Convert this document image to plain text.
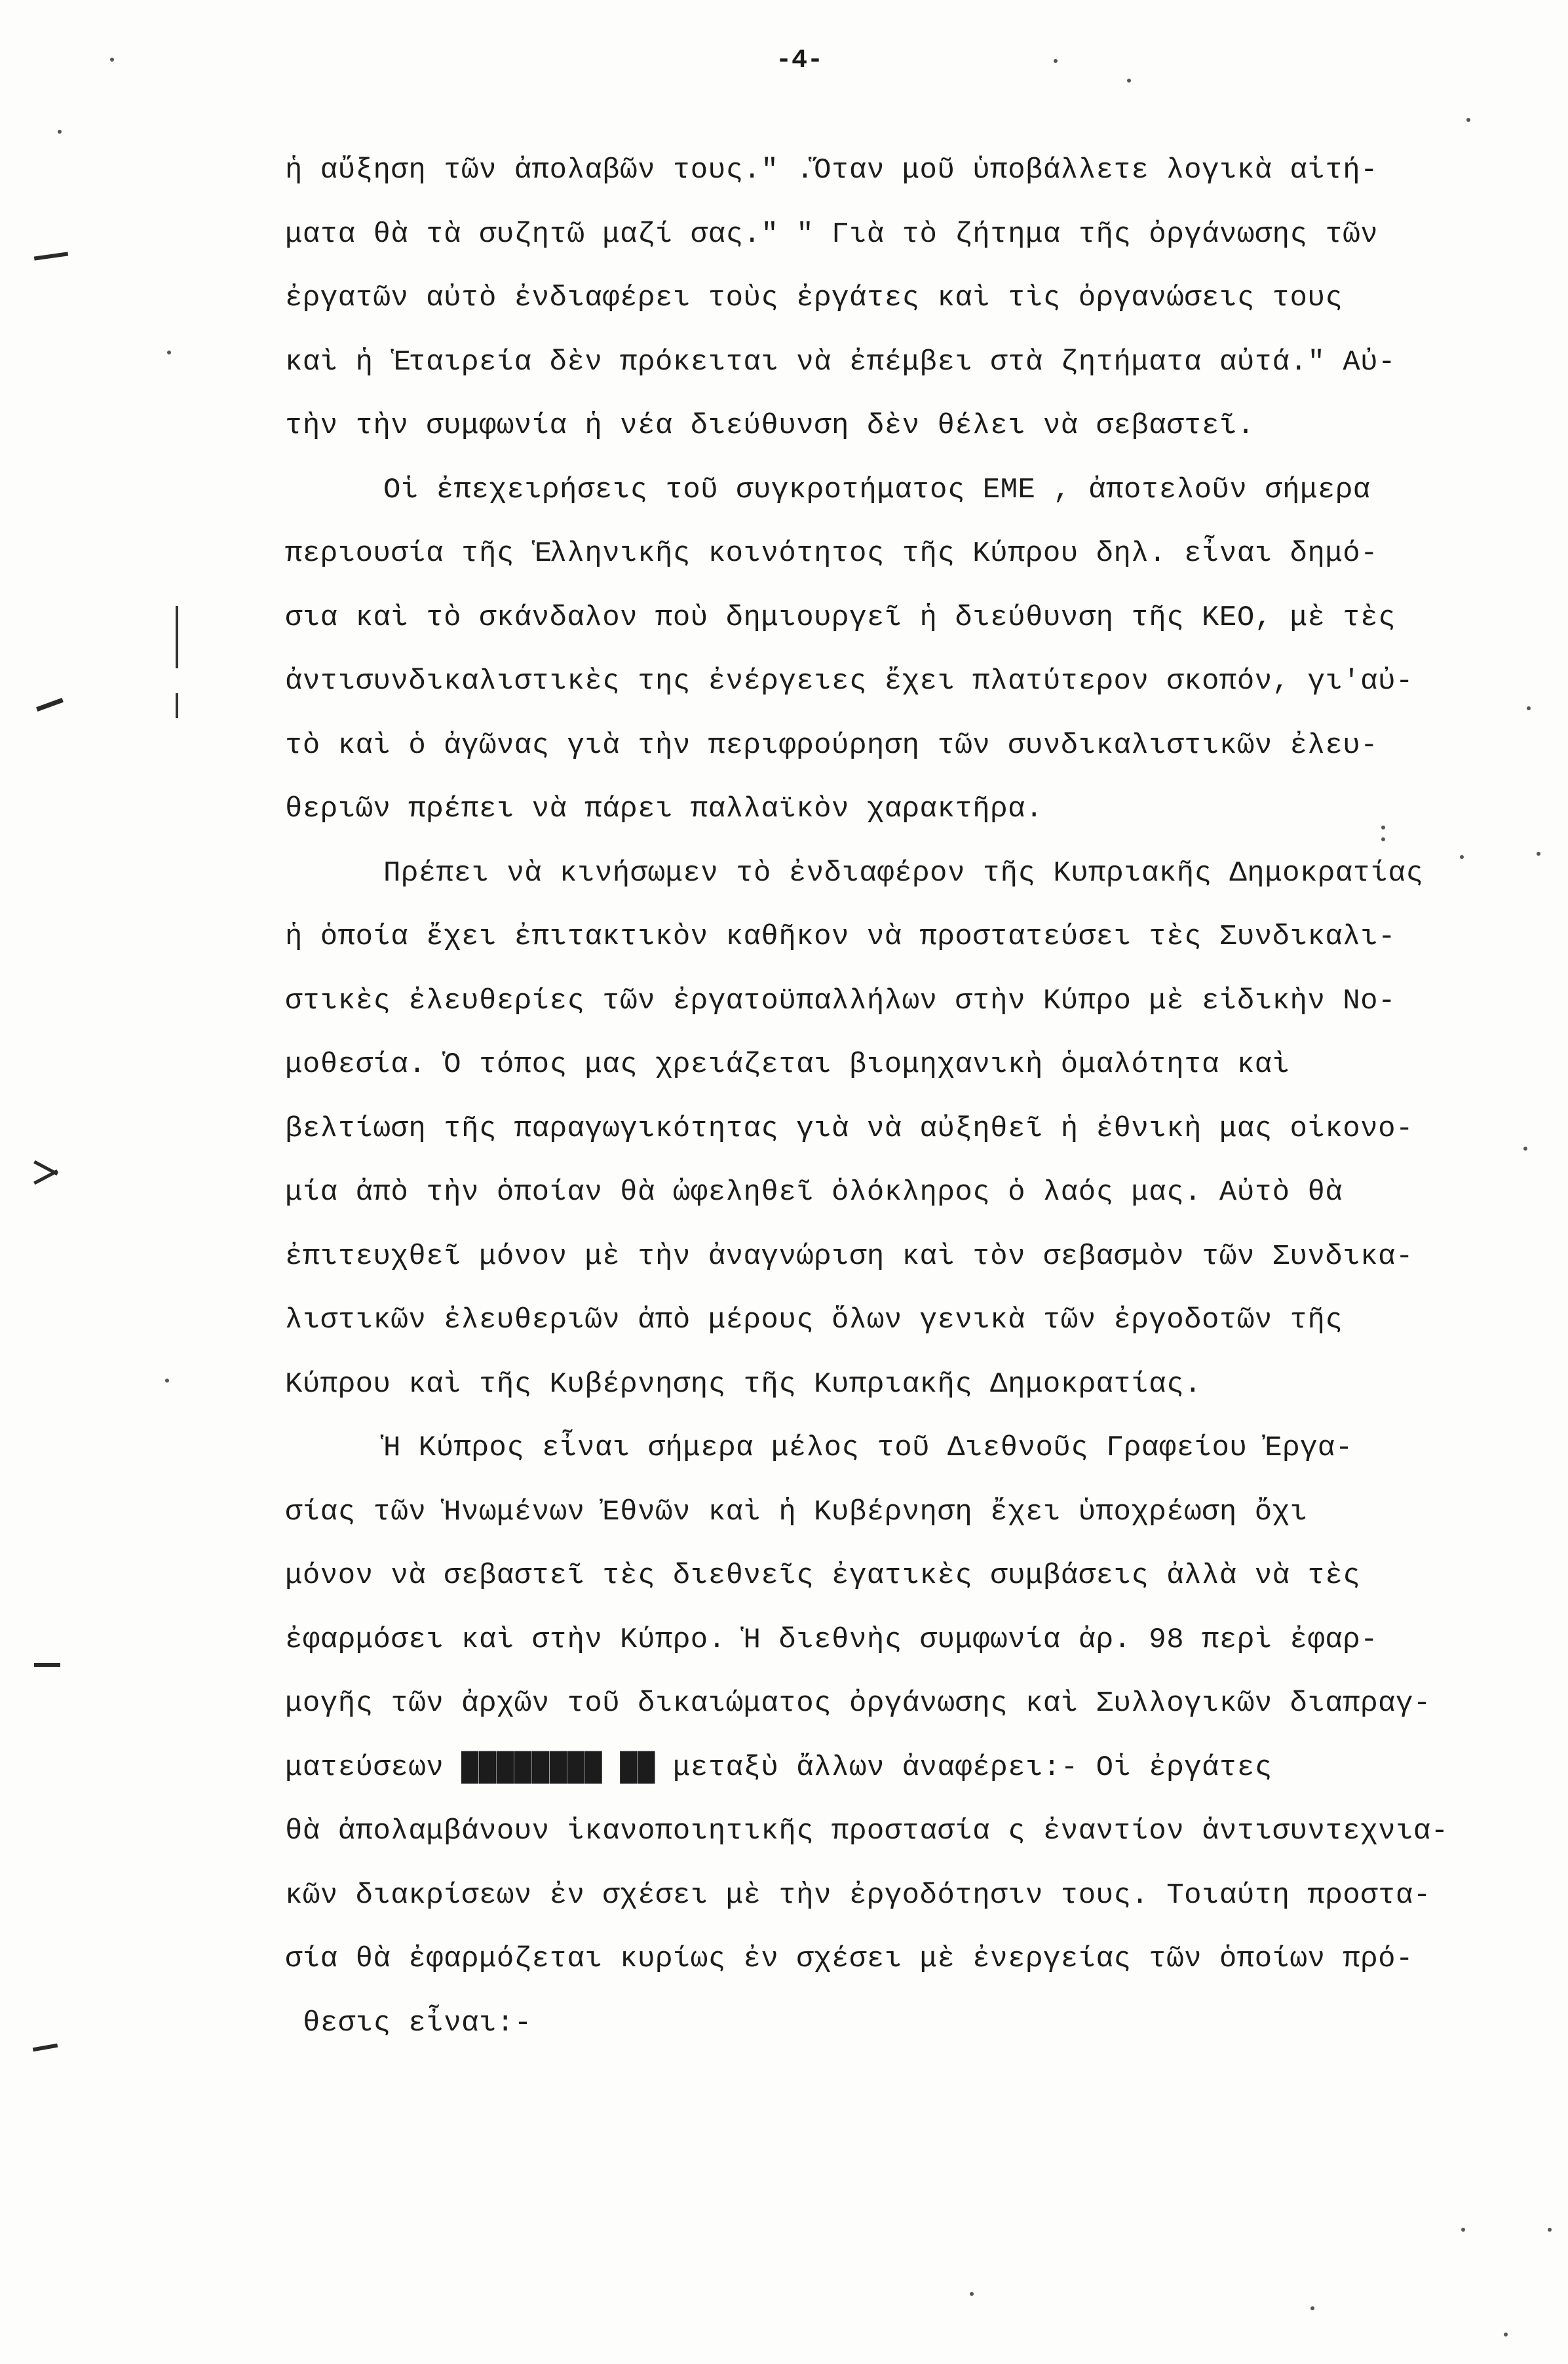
-4-
ἡ αὔξηση τῶν ἀπολαβῶν τους." .Ὅταν μοῦ ὑποβάλλετε λογικὰ αἰτή-
ματα θὰ τὰ συζητῶ μαζί σας." " Γιὰ τὸ ζήτημα τῆς ὀργάνωσης τῶν
ἐργατῶν αὐτὸ ἐνδιαφέρει τοὺς ἐργάτες καὶ τὶς ὀργανώσεις τους
καὶ ἡ Ἑταιρεία δὲν πρόκειται νὰ ἐπέμβει στὰ ζητήματα αὐτά." Αὐ-
τὴν τὴν συμφωνία ἡ νέα διεύθυνση δὲν θέλει νὰ σεβαστεῖ.
Οἱ ἐπεχειρήσεις τοῦ συγκροτήματος ΕΜΕ , ἀποτελοῦν σήμερα
περιουσία τῆς Ἑλληνικῆς κοινότητος τῆς Κύπρου δηλ. εἶναι δημό-
σια καὶ τὸ σκάνδαλον ποὺ δημιουργεῖ ἡ διεύθυνση τῆς ΚΕΟ, μὲ τὲς
ἀντισυνδικαλιστικὲς της ἐνέργειες ἔχει πλατύτερον σκοπόν, γι'αὐ-
τὸ καὶ ὁ ἀγῶνας γιὰ τὴν περιφρούρηση τῶν συνδικαλιστικῶν ἐλευ-
θεριῶν πρέπει νὰ πάρει παλλαϊκὸν χαρακτῆρα.
Πρέπει νὰ κινήσωμεν τὸ ἐνδιαφέρον τῆς Κυπριακῆς Δημοκρατίας
ἡ ὁποία ἔχει ἐπιτακτικὸν καθῆκον νὰ προστατεύσει τὲς Συνδικαλι-
στικὲς ἐλευθερίες τῶν ἐργατοϋπαλλήλων στὴν Κύπρο μὲ εἰδικὴν Νο-
μοθεσία. Ὁ τόπος μας χρειάζεται βιομηχανικὴ ὁμαλότητα καὶ
βελτίωση τῆς παραγωγικότητας γιὰ νὰ αὐξηθεῖ ἡ ἐθνικὴ μας οἰκονο-
μία ἀπὸ τὴν ὁποίαν θὰ ὠφεληθεῖ ὁλόκληρος ὁ λαός μας. Αὐτὸ θὰ
ἐπιτευχθεῖ μόνον μὲ τὴν ἀναγνώριση καὶ τὸν σεβασμὸν τῶν Συνδικα-
λιστικῶν ἐλευθεριῶν ἀπὸ μέρους ὅλων γενικὰ τῶν ἐργοδοτῶν τῆς
Κύπρου καὶ τῆς Κυβέρνησης τῆς Κυπριακῆς Δημοκρατίας.
Ἡ Κύπρος εἶναι σήμερα μέλος τοῦ Διεθνοῦς Γραφείου Ἐργα-
σίας τῶν Ἡνωμένων Ἐθνῶν καὶ ἡ Κυβέρνηση ἔχει ὑποχρέωση ὄχι
μόνον νὰ σεβαστεῖ τὲς διεθνεῖς ἐγατικὲς συμβάσεις ἀλλὰ νὰ τὲς
ἐφαρμόσει καὶ στὴν Κύπρο. Ἡ διεθνὴς συμφωνία ἀρ. 98 περὶ ἐφαρ-
μογῆς τῶν ἀρχῶν τοῦ δικαιώματος ὀργάνωσης καὶ Συλλογικῶν διαπραγ-
ματεύσεων ████████ ██ μεταξὺ ἄλλων ἀναφέρει:- Οἱ ἐργάτες
θὰ ἀπολαμβάνουν ἱκανοποιητικῆς προστασία ς ἐναντίον ἀντισυντεχνια-
κῶν διακρίσεων ἐν σχέσει μὲ τὴν ἐργοδότησιν τους. Τοιαύτη προστα-
σία θὰ ἐφαρμόζεται κυρίως ἐν σχέσει μὲ ἐνεργείας τῶν ὁποίων πρό-
θεσις εἶναι:-
